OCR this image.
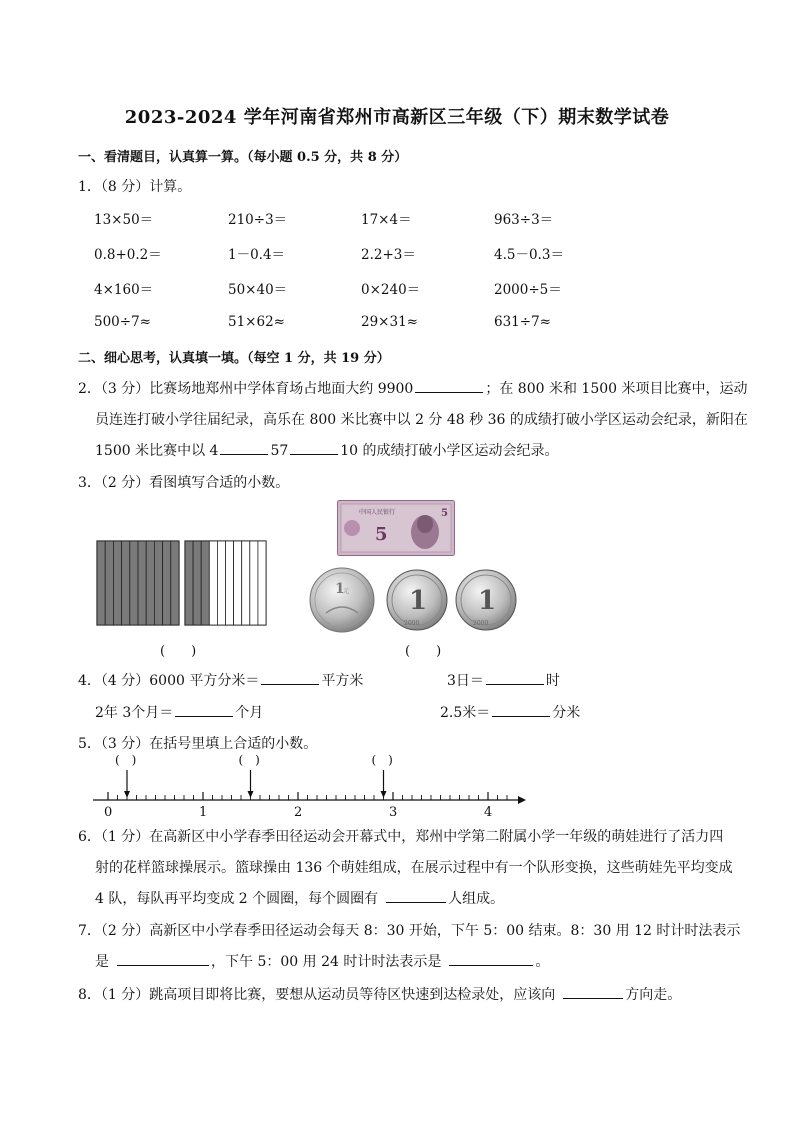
2023-2024 学年河南省郑州市高新区三年级（下）期末数学试卷
一、看清题目，认真算一算。（每小题 0.5 分，共 8 分）
1．（8 分）计算。
13×50＝	210÷3＝	17×4＝	963÷3＝
0.8+0.2＝	1－0.4＝	2.2+3＝	4.5－0.3＝
4×160＝	50×40＝	0×240＝	2000÷5＝
500÷7≈	51×62≈	29×31≈	631÷7≈
二、细心思考，认真填一填。（每空 1 分，共 19 分）
2．（3 分）比赛场地郑州中学体育场占地面大约 9900	；在 800 米和 1500 米项目比赛中，运动
员连连打破小学往届纪录，高乐在 800 米比赛中以 2 分 48 秒 36 的成绩打破小学区运动会纪录，新阳在
1500 米比赛中以 4	57	10 的成绩打破小学区运动会纪录。
3．（2 分）看图填写合适的小数。
(　　)
中国人民银行
5
5
1
元 1
2000
1
2000
(　　)
4．（4 分）6000 平方分米＝	平方米	3日＝	时
2年 3个月＝	个月	2.5米＝	分米
5．（3 分）在括号里填上合适的小数。
0	1	2	3	4
(　)	(　)	(　)
6．（1 分）在高新区中小学春季田径运动会开幕式中，郑州中学第二附属小学一年级的萌娃进行了活力四
射的花样篮球操展示。篮球操由 136 个萌娃组成，在展示过程中有一个队形变换，这些萌娃先平均变成
4 队，每队再平均变成 2 个圆圈，每个圆圈有	人组成。
7．（2 分）高新区中小学春季田径运动会每天 8：30 开始，下午 5：00 结束。8：30 用 12 时计时法表示
是	，下午 5：00 用 24 时计时法表示是	。
8．（1 分）跳高项目即将比赛，要想从运动员等待区快速到达检录处，应该向	方向走。
